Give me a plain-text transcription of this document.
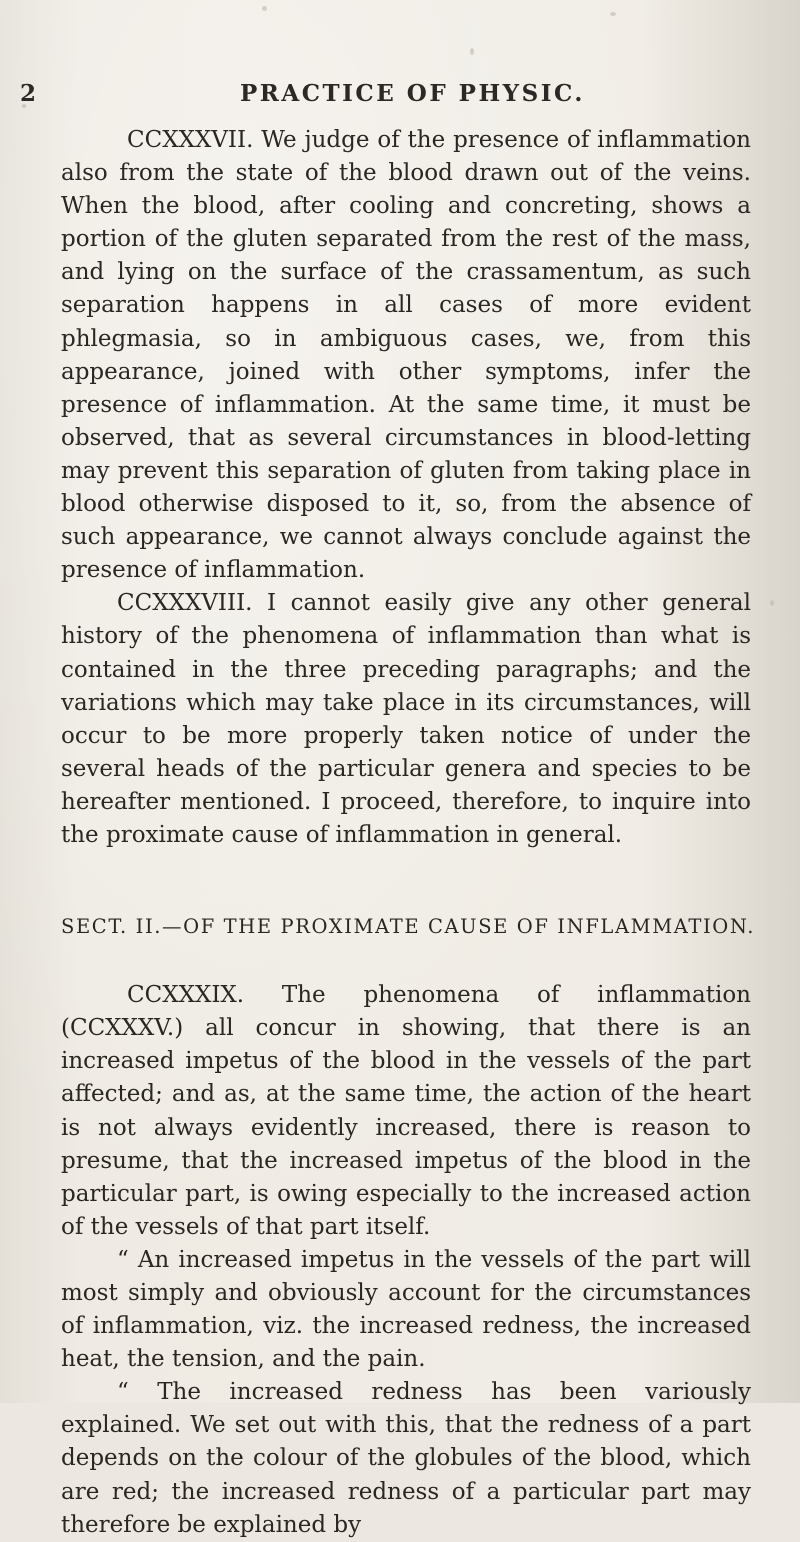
2	PRACTICE OF PHYSIC.

CCXXXVII. We judge of the presence of inflammation also from the state of the blood drawn out of the veins. When the blood, after cooling and concreting, shows a portion of the gluten separated from the rest of the mass, and lying on the surface of the crassamentum, as such separation happens in all cases of more evident phlegmasia, so in ambiguous cases, we, from this appearance, joined with other symptoms, infer the presence of inflammation. At the same time, it must be observed, that as several circumstances in blood-letting may prevent this separation of gluten from taking place in blood otherwise disposed to it, so, from the absence of such appearance, we cannot always conclude against the presence of inflammation.

CCXXXVIII. I cannot easily give any other general history of the phenomena of inflammation than what is contained in the three preceding paragraphs; and the variations which may take place in its circumstances, will occur to be more properly taken notice of under the several heads of the particular genera and species to be hereafter mentioned. I proceed, therefore, to inquire into the proximate cause of inflammation in general.

SECT. II.—OF THE PROXIMATE CAUSE OF INFLAMMATION.

CCXXXIX. The phenomena of inflammation (CCXXXV.) all concur in showing, that there is an increased impetus of the blood in the vessels of the part affected; and as, at the same time, the action of the heart is not always evidently increased, there is reason to presume, that the increased impetus of the blood in the particular part, is owing especially to the increased action of the vessels of that part itself.

“ An increased impetus in the vessels of the part will most simply and obviously account for the circumstances of inflammation, viz. the increased redness, the increased heat, the tension, and the pain.

“ The increased redness has been variously explained. We set out with this, that the redness of a part depends on the colour of the globules of the blood, which are red; the increased redness of a particular part may therefore be explained by
